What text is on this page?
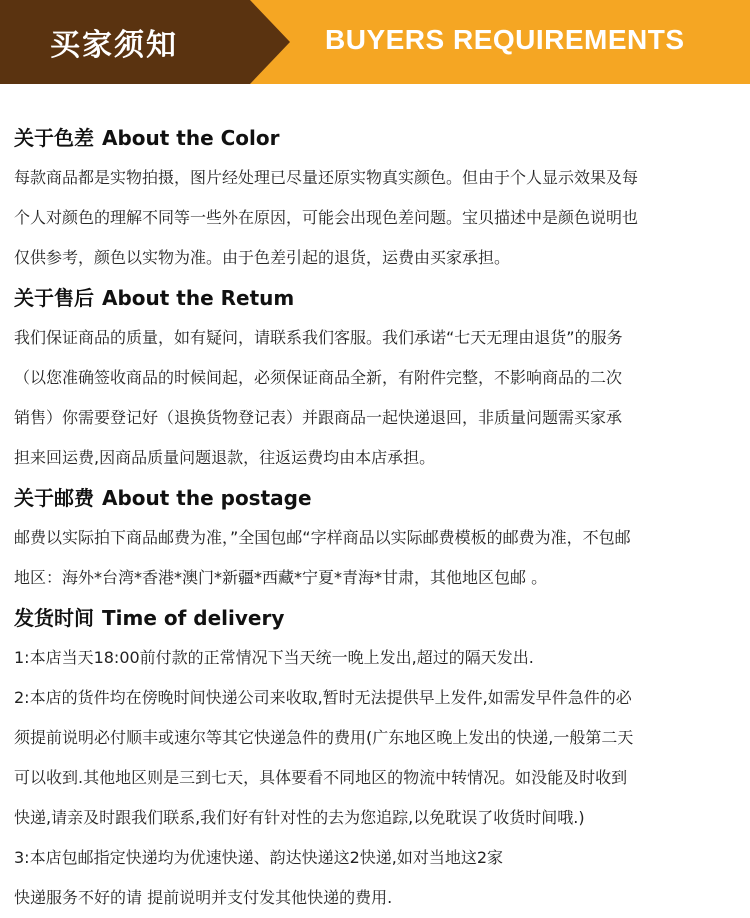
买家须知	BUYERS REQUIREMENTS
关于色差 About the Color
每款商品都是实物拍摄，图片经处理已尽量还原实物真实颜色。但由于个人显示效果及每
个人对颜色的理解不同等一些外在原因，可能会出现色差问题。宝贝描述中是颜色说明也
仅供参考，颜色以实物为准。由于色差引起的退货，运费由买家承担。
关于售后 About the Retum
我们保证商品的质量，如有疑问，请联系我们客服。我们承诺“七天无理由退货”的服务
（以您准确签收商品的时候间起，必须保证商品全新，有附件完整，不影响商品的二次
销售）你需要登记好（退换货物登记表）并跟商品一起快递退回，非质量问题需买家承
担来回运费,因商品质量问题退款，往返运费均由本店承担。
关于邮费 About the postage
邮费以实际拍下商品邮费为准，”全国包邮“字样商品以实际邮费模板的邮费为准，不包邮
地区：海外*台湾*香港*澳门*新疆*西藏*宁夏*青海*甘肃，其他地区包邮 。
发货时间 Time of delivery
1:本店当天18:00前付款的正常情况下当天统一晚上发出,超过的隔天发出.
2:本店的货件均在傍晚时间快递公司来收取,暂时无法提供早上发件,如需发早件急件的必
须提前说明必付顺丰或速尔等其它快递急件的费用(广东地区晚上发出的快递,一般第二天
可以收到.其他地区则是三到七天，具体要看不同地区的物流中转情况。如没能及时收到
快递,请亲及时跟我们联系,我们好有针对性的去为您追踪,以免耽误了收货时间哦.)
3:本店包邮指定快递均为优速快递、韵达快递这2快递,如对当地这2家
快递服务不好的请 提前说明并支付发其他快递的费用.
